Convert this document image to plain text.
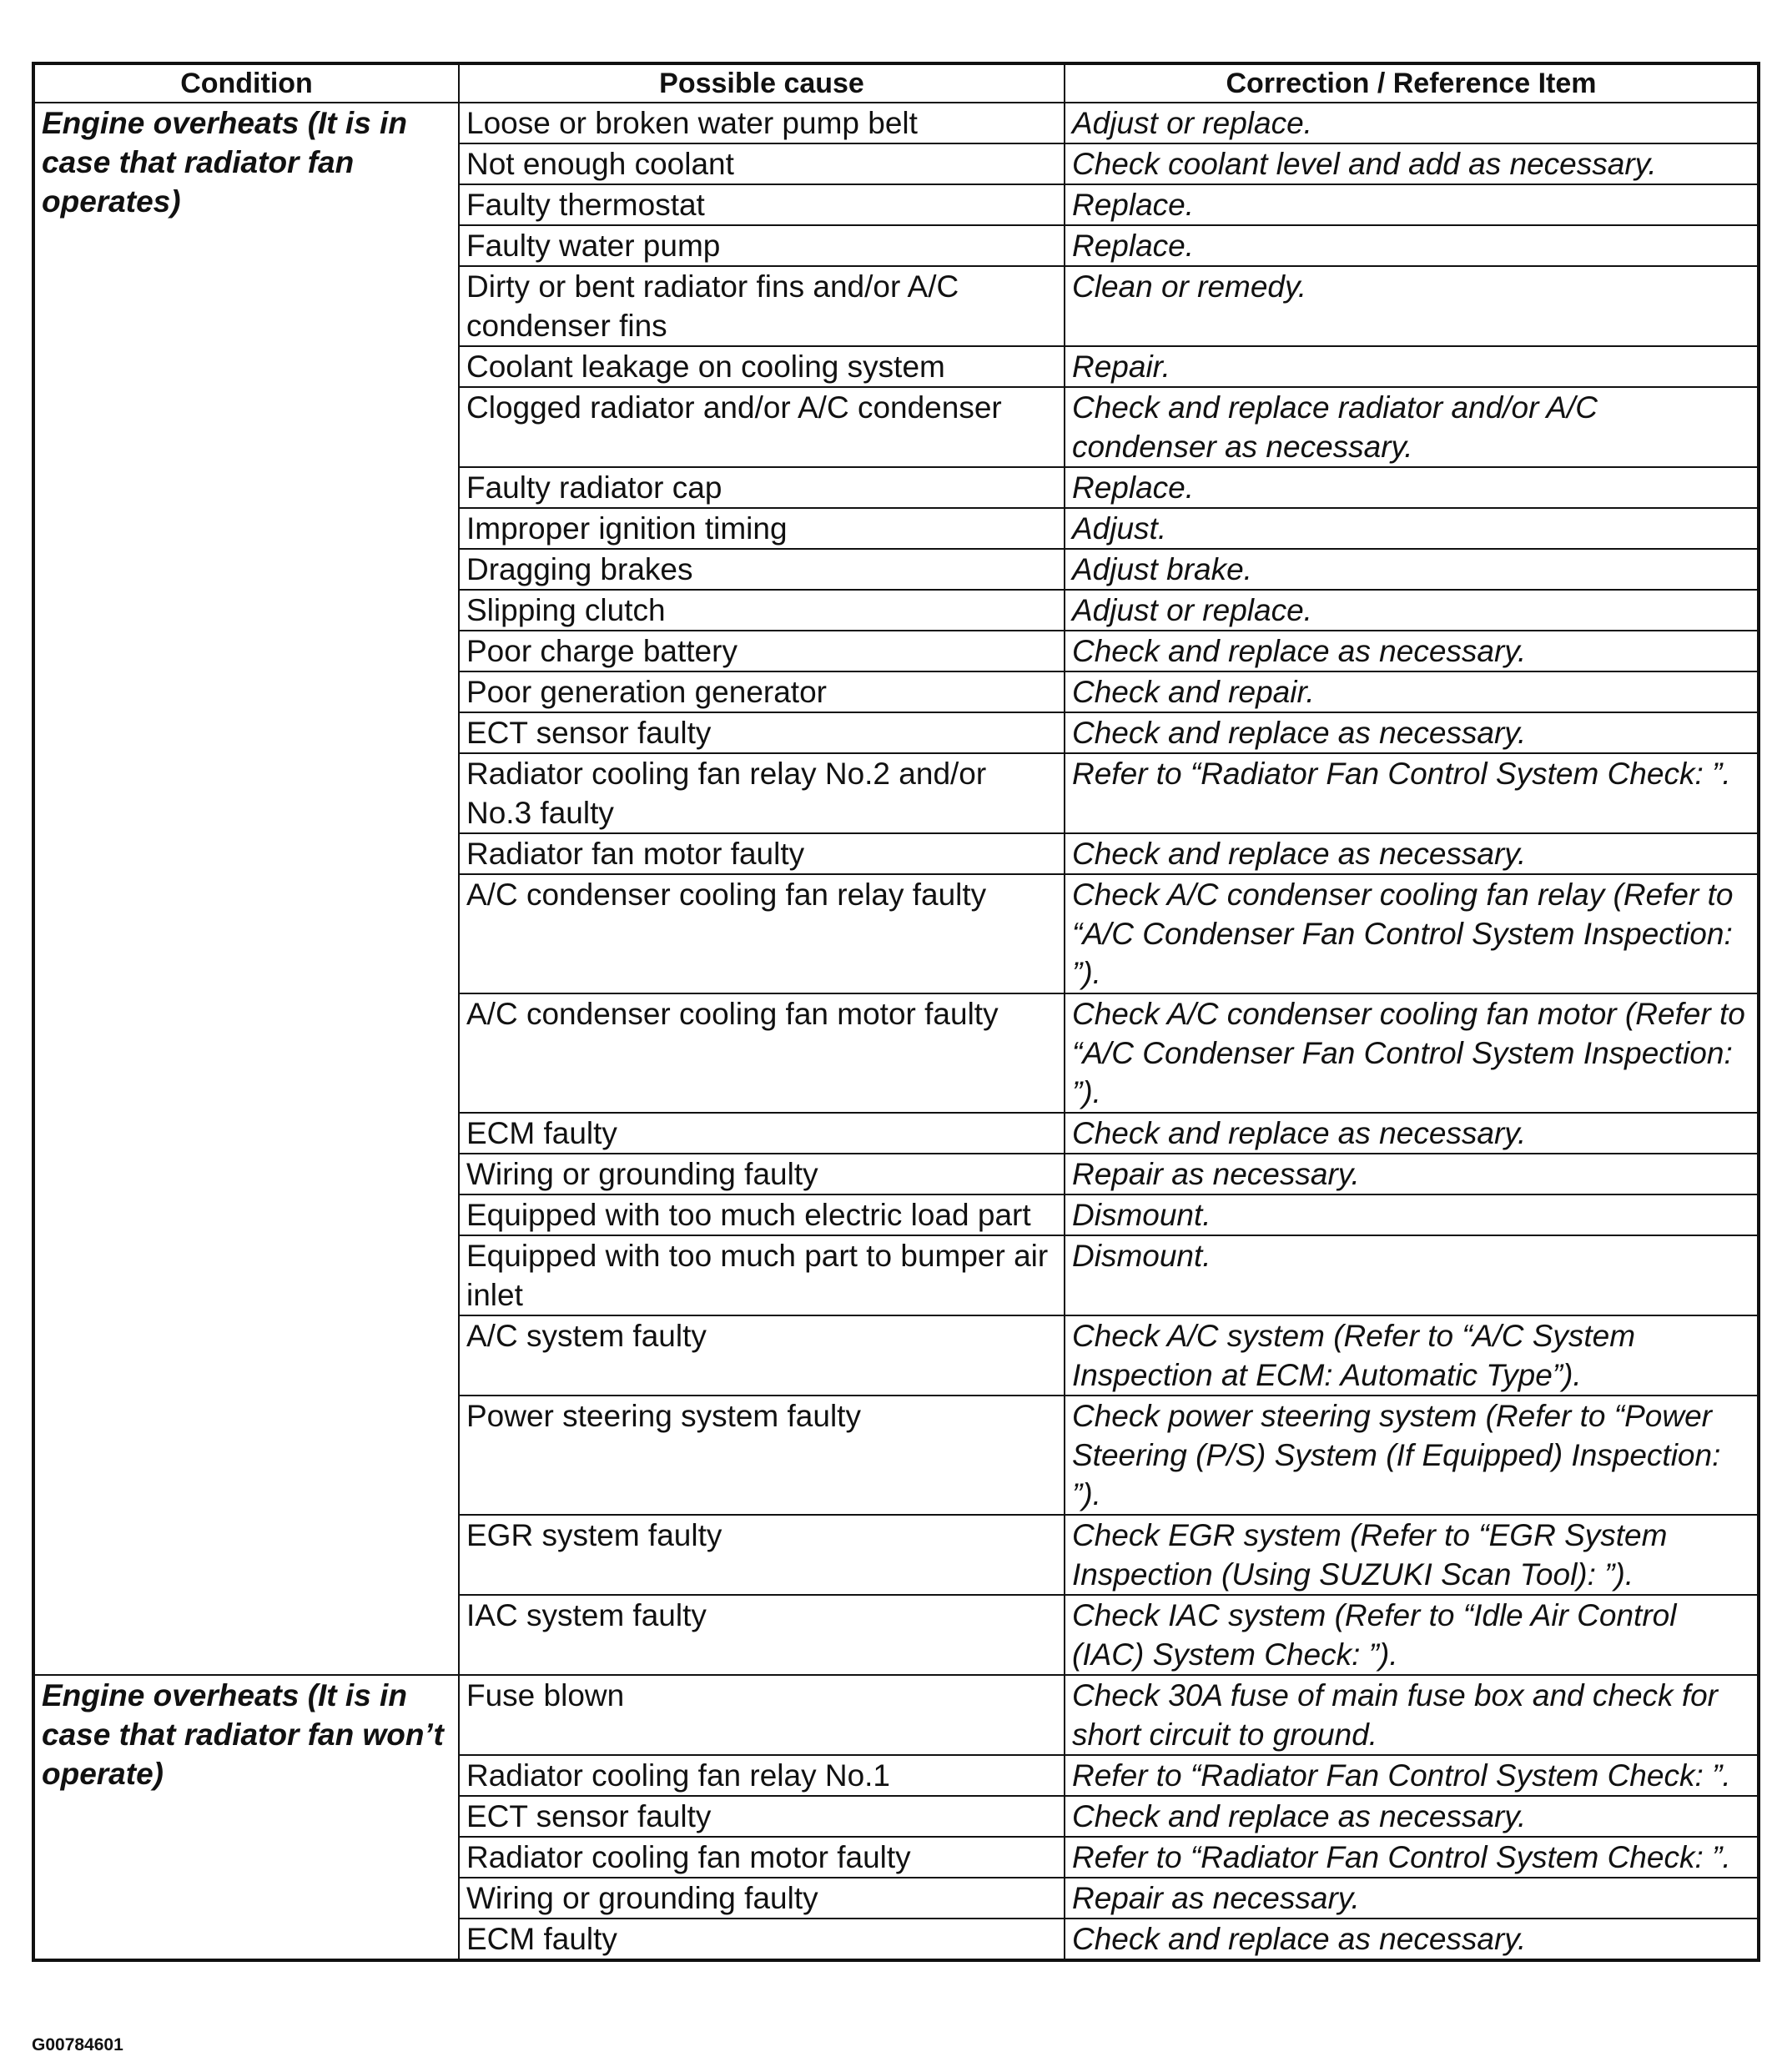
Condition	Possible cause	Correction / Reference Item
Engine overheats (It is in case that radiator fan operates)	Loose or broken water pump belt	Adjust or replace.
	Not enough coolant	Check coolant level and add as necessary.
	Faulty thermostat	Replace.
	Faulty water pump	Replace.
	Dirty or bent radiator fins and/or A/C condenser fins	Clean or remedy.
	Coolant leakage on cooling system	Repair.
	Clogged radiator and/or A/C condenser	Check and replace radiator and/or A/C condenser as necessary.
	Faulty radiator cap	Replace.
	Improper ignition timing	Adjust.
	Dragging brakes	Adjust brake.
	Slipping clutch	Adjust or replace.
	Poor charge battery	Check and replace as necessary.
	Poor generation generator	Check and repair.
	ECT sensor faulty	Check and replace as necessary.
	Radiator cooling fan relay No.2 and/or No.3 faulty	Refer to “Radiator Fan Control System Check: ”.
	Radiator fan motor faulty	Check and replace as necessary.
	A/C condenser cooling fan relay faulty	Check A/C condenser cooling fan relay (Refer to “A/C Condenser Fan Control System Inspection: ”).
	A/C condenser cooling fan motor faulty	Check A/C condenser cooling fan motor (Refer to “A/C Condenser Fan Control System Inspection: ”).
	ECM faulty	Check and replace as necessary.
	Wiring or grounding faulty	Repair as necessary.
	Equipped with too much electric load part	Dismount.
	Equipped with too much part to bumper air inlet	Dismount.
	A/C system faulty	Check A/C system (Refer to “A/C System Inspection at ECM: Automatic Type”).
	Power steering system faulty	Check power steering system (Refer to “Power Steering (P/S) System (If Equipped) Inspection: ”).
	EGR system faulty	Check EGR system (Refer to “EGR System Inspection (Using SUZUKI Scan Tool): ”).
	IAC system faulty	Check IAC system (Refer to “Idle Air Control (IAC) System Check: ”).
Engine overheats (It is in case that radiator fan won’t operate)	Fuse blown	Check 30A fuse of main fuse box and check for short circuit to ground.
	Radiator cooling fan relay No.1	Refer to “Radiator Fan Control System Check: ”.
	ECT sensor faulty	Check and replace as necessary.
	Radiator cooling fan motor faulty	Refer to “Radiator Fan Control System Check: ”.
	Wiring or grounding faulty	Repair as necessary.
	ECM faulty	Check and replace as necessary.
G00784601
